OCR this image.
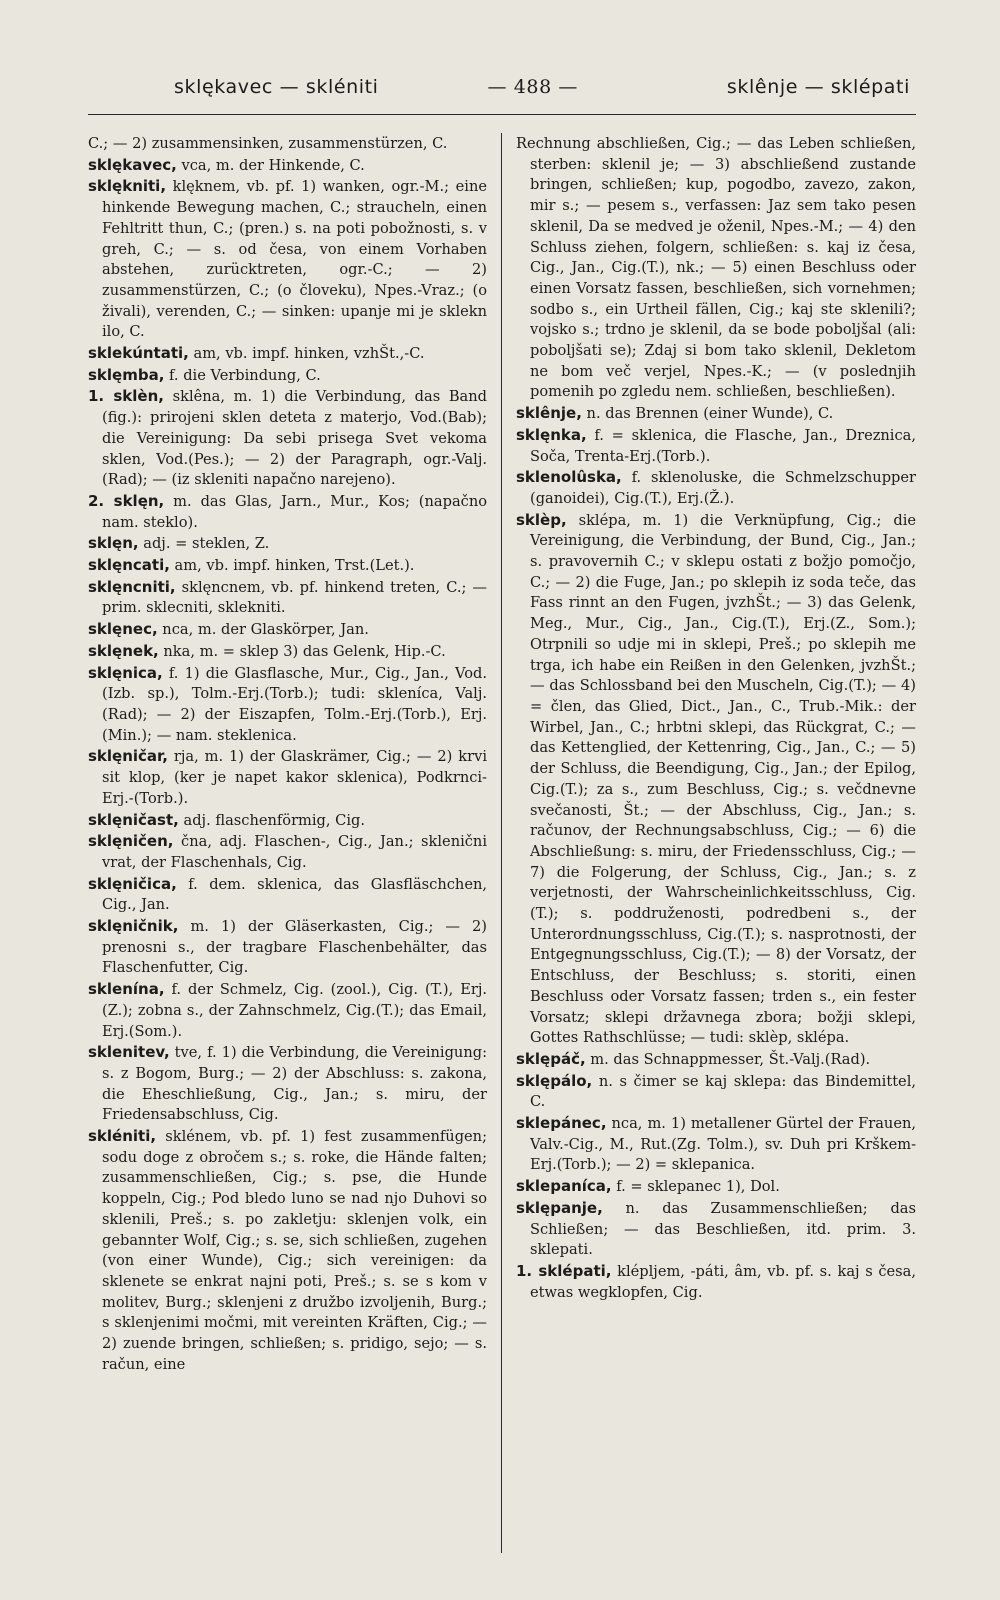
sklękavec — skléniti	— 488 —	sklênje — sklépati

C.; — 2) zusammensinken, zusammenstürzen, C.

sklękavec, vca, m. der Hinkende, C.

sklękniti, klęknem, vb. pf. 1) wanken, ogr.-M.; eine hinkende Bewegung machen, C.; straucheln, einen Fehltritt thun, C.; (pren.) s. na poti pobožnosti, s. v greh, C.; — s. od česa, von einem Vorhaben abstehen, zurücktreten, ogr.-C.; — 2) zusammenstürzen, C.; (o človeku), Npes.-Vraz.; (o živali), verenden, C.; — sinken: upanje mi je sklekn ilo, C.

sklekúntati, am, vb. impf. hinken, vzhŠt.,-C.

sklęmba, f. die Verbindung, C.

1. sklèn, sklêna, m. 1) die Verbindung, das Band (fig.): prirojeni sklen deteta z materjo, Vod.(Bab); die Vereinigung: Da sebi prisega Svet vekoma sklen, Vod.(Pes.); — 2) der Paragraph, ogr.-Valj.(Rad); — (iz skleniti napačno narejeno).

2. sklęn, m. das Glas, Jarn., Mur., Kos; (napačno nam. steklo).

sklęn, adj. = steklen, Z.

sklęncati, am, vb. impf. hinken, Trst.(Let.).

sklęncniti, sklęncnem, vb. pf. hinkend treten, C.; — prim. sklecniti, sklekniti.

sklęnec, nca, m. der Glaskörper, Jan.

sklęnek, nka, m. = sklep 3) das Gelenk, Hip.-C.

sklęnica, f. 1) die Glasflasche, Mur., Cig., Jan., Vod.(Izb. sp.), Tolm.-Erj.(Torb.); tudi: skleníca, Valj.(Rad); — 2) der Eiszapfen, Tolm.-Erj.(Torb.), Erj.(Min.); — nam. steklenica.

sklęničar, rja, m. 1) der Glaskrämer, Cig.; — 2) krvi sit klop, (ker je napet kakor sklenica), Podkrnci-Erj.-(Torb.).

sklęničast, adj. flaschenförmig, Cig.

sklęničen, čna, adj. Flaschen-, Cig., Jan.; sklenični vrat, der Flaschenhals, Cig.

sklęničica, f. dem. sklenica, das Glasfläschchen, Cig., Jan.

sklęničnik, m. 1) der Gläserkasten, Cig.; — 2) prenosni s., der tragbare Flaschenbehälter, das Flaschenfutter, Cig.

sklenína, f. der Schmelz, Cig. (zool.), Cig. (T.), Erj.(Z.); zobna s., der Zahnschmelz, Cig.(T.); das Email, Erj.(Som.).

sklenitev, tve, f. 1) die Verbindung, die Vereinigung: s. z Bogom, Burg.; — 2) der Abschluss: s. zakona, die Eheschließung, Cig., Jan.; s. miru, der Friedensabschluss, Cig.

skléniti, sklénem, vb. pf. 1) fest zusammenfügen; sodu doge z obročem s.; s. roke, die Hände falten; zusammenschließen, Cig.; s. pse, die Hunde koppeln, Cig.; Pod bledo luno se nad njo Duhovi so sklenili, Preš.; s. po zakletju: sklenjen volk, ein gebannter Wolf, Cig.; s. se, sich schließen, zugehen (von einer Wunde), Cig.; sich vereinigen: da sklenete se enkrat najni poti, Preš.; s. se s kom v molitev, Burg.; sklenjeni z družbo izvoljenih, Burg.; s sklenjenimi močmi, mit vereinten Kräften, Cig.; — 2) zuende bringen, schließen; s. pridigo, sejo; — s. račun, eine

Rechnung abschließen, Cig.; — das Leben schließen, sterben: sklenil je; — 3) abschließend zustande bringen, schließen; kup, pogodbo, zavezo, zakon, mir s.; — pesem s., verfassen: Jaz sem tako pesen sklenil, Da se medved je oženil, Npes.-M.; — 4) den Schluss ziehen, folgern, schließen: s. kaj iz česa, Cig., Jan., Cig.(T.), nk.; — 5) einen Beschluss oder einen Vorsatz fassen, beschließen, sich vornehmen; sodbo s., ein Urtheil fällen, Cig.; kaj ste sklenili?; vojsko s.; trdno je sklenil, da se bode poboljšal (ali: poboljšati se); Zdaj si bom tako sklenil, Dekletom ne bom več verjel, Npes.-K.; — (v poslednjih pomenih po zgledu nem. schließen, beschließen).

sklênje, n. das Brennen (einer Wunde), C.

sklęnka, f. = sklenica, die Flasche, Jan., Dreznica, Soča, Trenta-Erj.(Torb.).

sklenolûska, f. sklenoluske, die Schmelzschupper (ganoidei), Cig.(T.), Erj.(Ž.).

sklèp, sklépa, m. 1) die Verknüpfung, Cig.; die Vereinigung, die Verbindung, der Bund, Cig., Jan.; s. pravovernih C.; v sklepu ostati z božjo pomočjo, C.; — 2) die Fuge, Jan.; po sklepih iz soda teče, das Fass rinnt an den Fugen, jvzhŠt.; — 3) das Gelenk, Meg., Mur., Cig., Jan., Cig.(T.), Erj.(Z., Som.); Otrpnili so udje mi in sklepi, Preš.; po sklepih me trga, ich habe ein Reißen in den Gelenken, jvzhŠt.; — das Schlossband bei den Muscheln, Cig.(T.); — 4) = člen, das Glied, Dict., Jan., C., Trub.-Mik.: der Wirbel, Jan., C.; hrbtni sklepi, das Rückgrat, C.; — das Kettenglied, der Kettenring, Cig., Jan., C.; — 5) der Schluss, die Beendigung, Cig., Jan.; der Epilog, Cig.(T.); za s., zum Beschluss, Cig.; s. večdnevne svečanosti, Št.; — der Abschluss, Cig., Jan.; s. računov, der Rechnungsabschluss, Cig.; — 6) die Abschließung: s. miru, der Friedensschluss, Cig.; — 7) die Folgerung, der Schluss, Cig., Jan.; s. z verjetnosti, der Wahrscheinlichkeitsschluss, Cig.(T.); s. poddruženosti, podredbeni s., der Unterordnungsschluss, Cig.(T.); s. nasprotnosti, der Entgegnungsschluss, Cig.(T.); — 8) der Vorsatz, der Entschluss, der Beschluss; s. storiti, einen Beschluss oder Vorsatz fassen; trden s., ein fester Vorsatz; sklepi državnega zbora; božji sklepi, Gottes Rathschlüsse; — tudi: sklèp, sklépa.

sklępáč, m. das Schnappmesser, Št.-Valj.(Rad).

sklępálo, n. s čimer se kaj sklepa: das Bindemittel, C.

sklepánec, nca, m. 1) metallener Gürtel der Frauen, Valv.-Cig., M., Rut.(Zg. Tolm.), sv. Duh pri Krškem-Erj.(Torb.); — 2) = sklepanica.

sklepaníca, f. = sklepanec 1), Dol.

sklępanje, n. das Zusammenschließen; das Schließen; — das Beschließen, itd. prim. 3. sklepati.

1. sklépati, klépljem, -páti, âm, vb. pf. s. kaj s česa, etwas wegklopfen, Cig.
